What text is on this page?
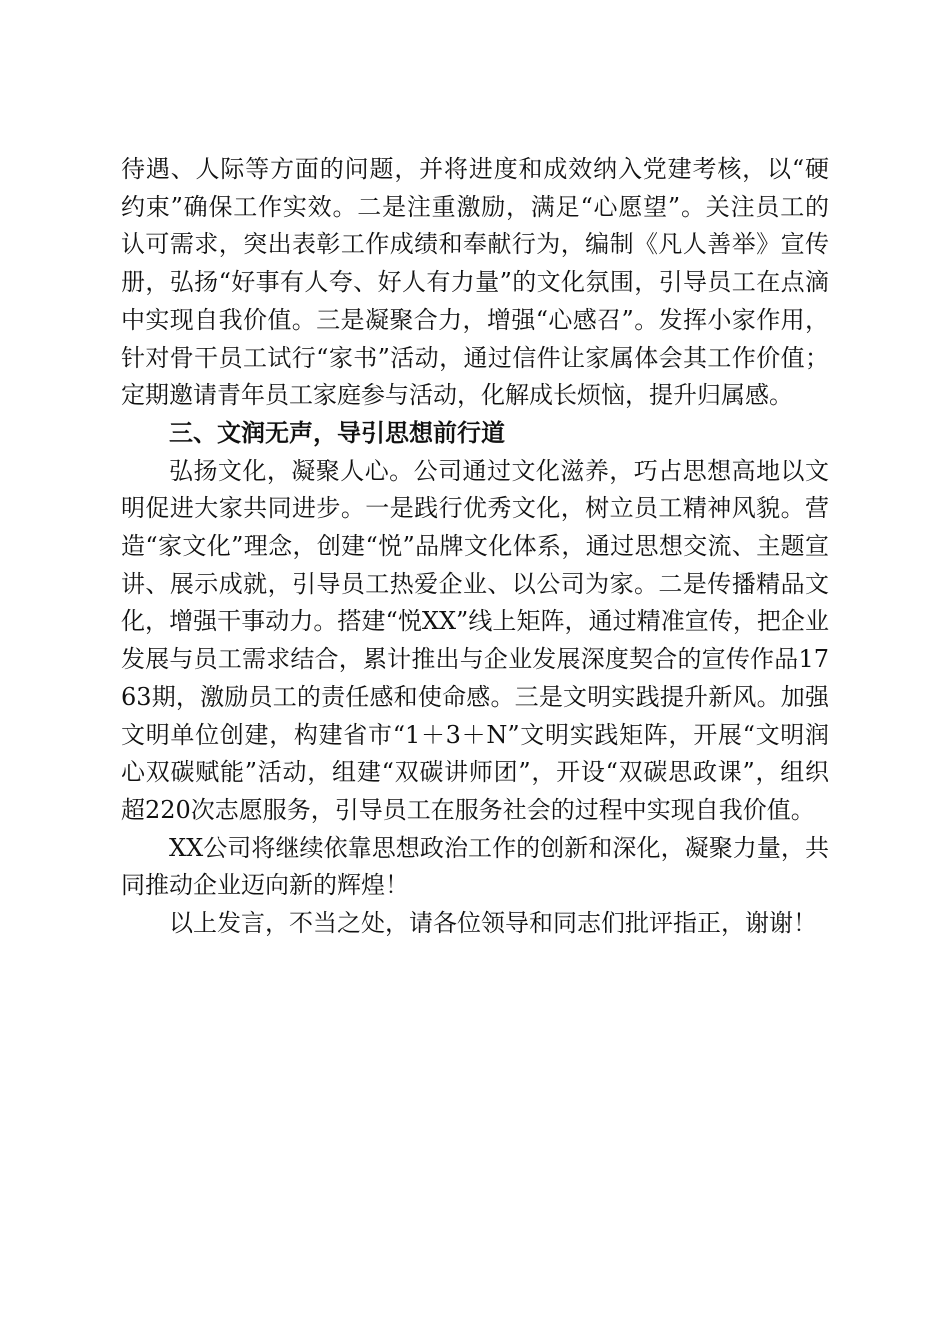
待遇、人际等方面的问题，并将进度和成效纳入党建考核，以“硬约束”确保工作实效。二是注重激励，满足“心愿望”。关注员工的认可需求，突出表彰工作成绩和奉献行为，编制《凡人善举》宣传册，弘扬“好事有人夸、好人有力量”的文化氛围，引导员工在点滴中实现自我价值。三是凝聚合力，增强“心感召”。发挥小家作用，针对骨干员工试行“家书”活动，通过信件让家属体会其工作价值；定期邀请青年员工家庭参与活动，化解成长烦恼，提升归属感。

三、文润无声，导引思想前行道

弘扬文化，凝聚人心。公司通过文化滋养，巧占思想高地以文明促进大家共同进步。一是践行优秀文化，树立员工精神风貌。营造“家文化”理念，创建“悦”品牌文化体系，通过思想交流、主题宣讲、展示成就，引导员工热爱企业、以公司为家。二是传播精品文化，增强干事动力。搭建“悦XX”线上矩阵，通过精准宣传，把企业发展与员工需求结合，累计推出与企业发展深度契合的宣传作品1763期，激励员工的责任感和使命感。三是文明实践提升新风。加强文明单位创建，构建省市“1＋3＋N”文明实践矩阵，开展“文明润心双碳赋能”活动，组建“双碳讲师团”，开设“双碳思政课”，组织超220次志愿服务，引导员工在服务社会的过程中实现自我价值。

XX公司将继续依靠思想政治工作的创新和深化，凝聚力量，共同推动企业迈向新的辉煌！

以上发言，不当之处，请各位领导和同志们批评指正，谢谢！
